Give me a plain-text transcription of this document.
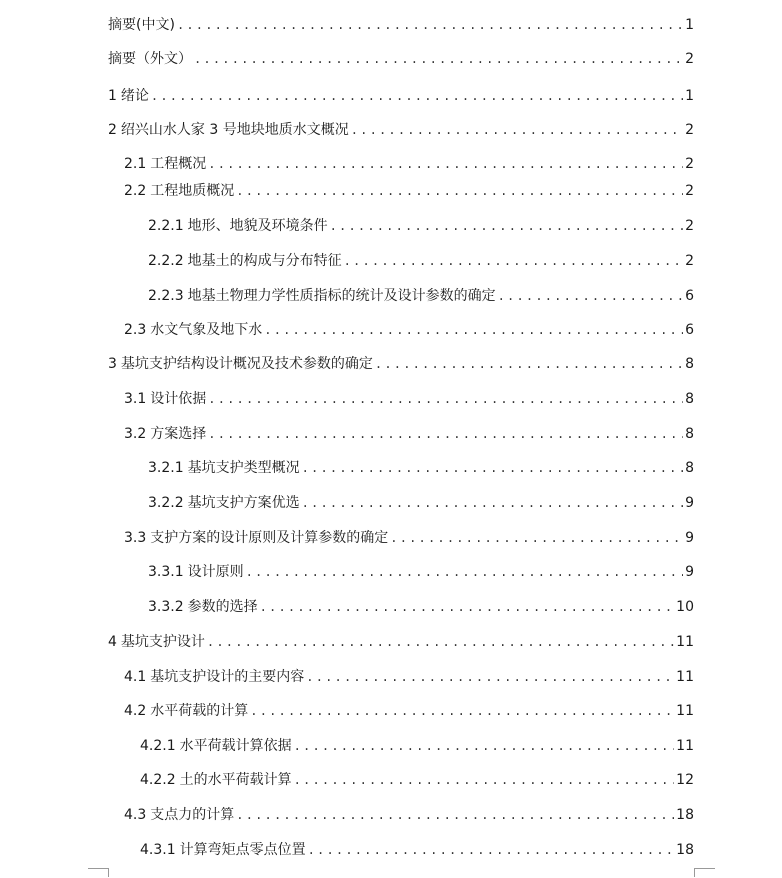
摘要(中文) .....	1
摘要（外文） .....	2
1 绪论 .....	1
2 绍兴山水人家 3 号地块地质水文概况 .....	2
2.1 工程概况 .....	2
2.2 工程地质概况 .....	2
2.2.1 地形、地貌及环境条件 .....	2
2.2.2 地基土的构成与分布特征 .....	2
2.2.3 地基土物理力学性质指标的统计及设计参数的确定 .....	6
2.3 水文气象及地下水 .....	6
3 基坑支护结构设计概况及技术参数的确定 .....	8
3.1 设计依据 .....	8
3.2 方案选择 .....	8
3.2.1 基坑支护类型概况 .....	8
3.2.2 基坑支护方案优选 .....	9
3.3 支护方案的设计原则及计算参数的确定 .....	9
3.3.1 设计原则 .....	9
3.3.2 参数的选择 .....	10
4 基坑支护设计 .....	11
4.1 基坑支护设计的主要内容 .....	11
4.2 水平荷载的计算 .....	11
4.2.1 水平荷载计算依据 .....	11
4.2.2 土的水平荷载计算 .....	12
4.3 支点力的计算 .....	18
4.3.1 计算弯矩点零点位置 .....	18
